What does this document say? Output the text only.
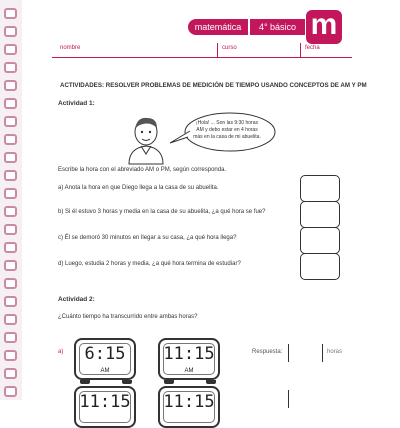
matemática	4° básico m
nombre	curso	fecha
ACTIVIDADES: RESOLVER PROBLEMAS DE MEDICIÓN DE TIEMPO USANDO CONCEPTOS DE AM Y PM
Actividad 1:
¡Hola! ... Son las 9:30 horas
AM y debo estar en 4 horas
más en la casa de mi abuelita.
Escribe la hora con el abreviado AM o PM, según corresponda.
a) Anota la hora en que Diego llega a la casa de su abuelita.
b) Si él estuvo 3 horas y media en la casa de su abuelita, ¿a qué hora se fue?
c) Él se demoró 30 minutos en llegar a su casa, ¿a qué hora llega?
d) Luego, estudia 2 horas y media, ¿a qué hora termina de estudiar?
Actividad 2:
¿Cuánto tiempo ha transcurrido entre ambas horas?
a)	6:15
AM
11:15
AM
Respuesta:	horas
11:15 11:15
